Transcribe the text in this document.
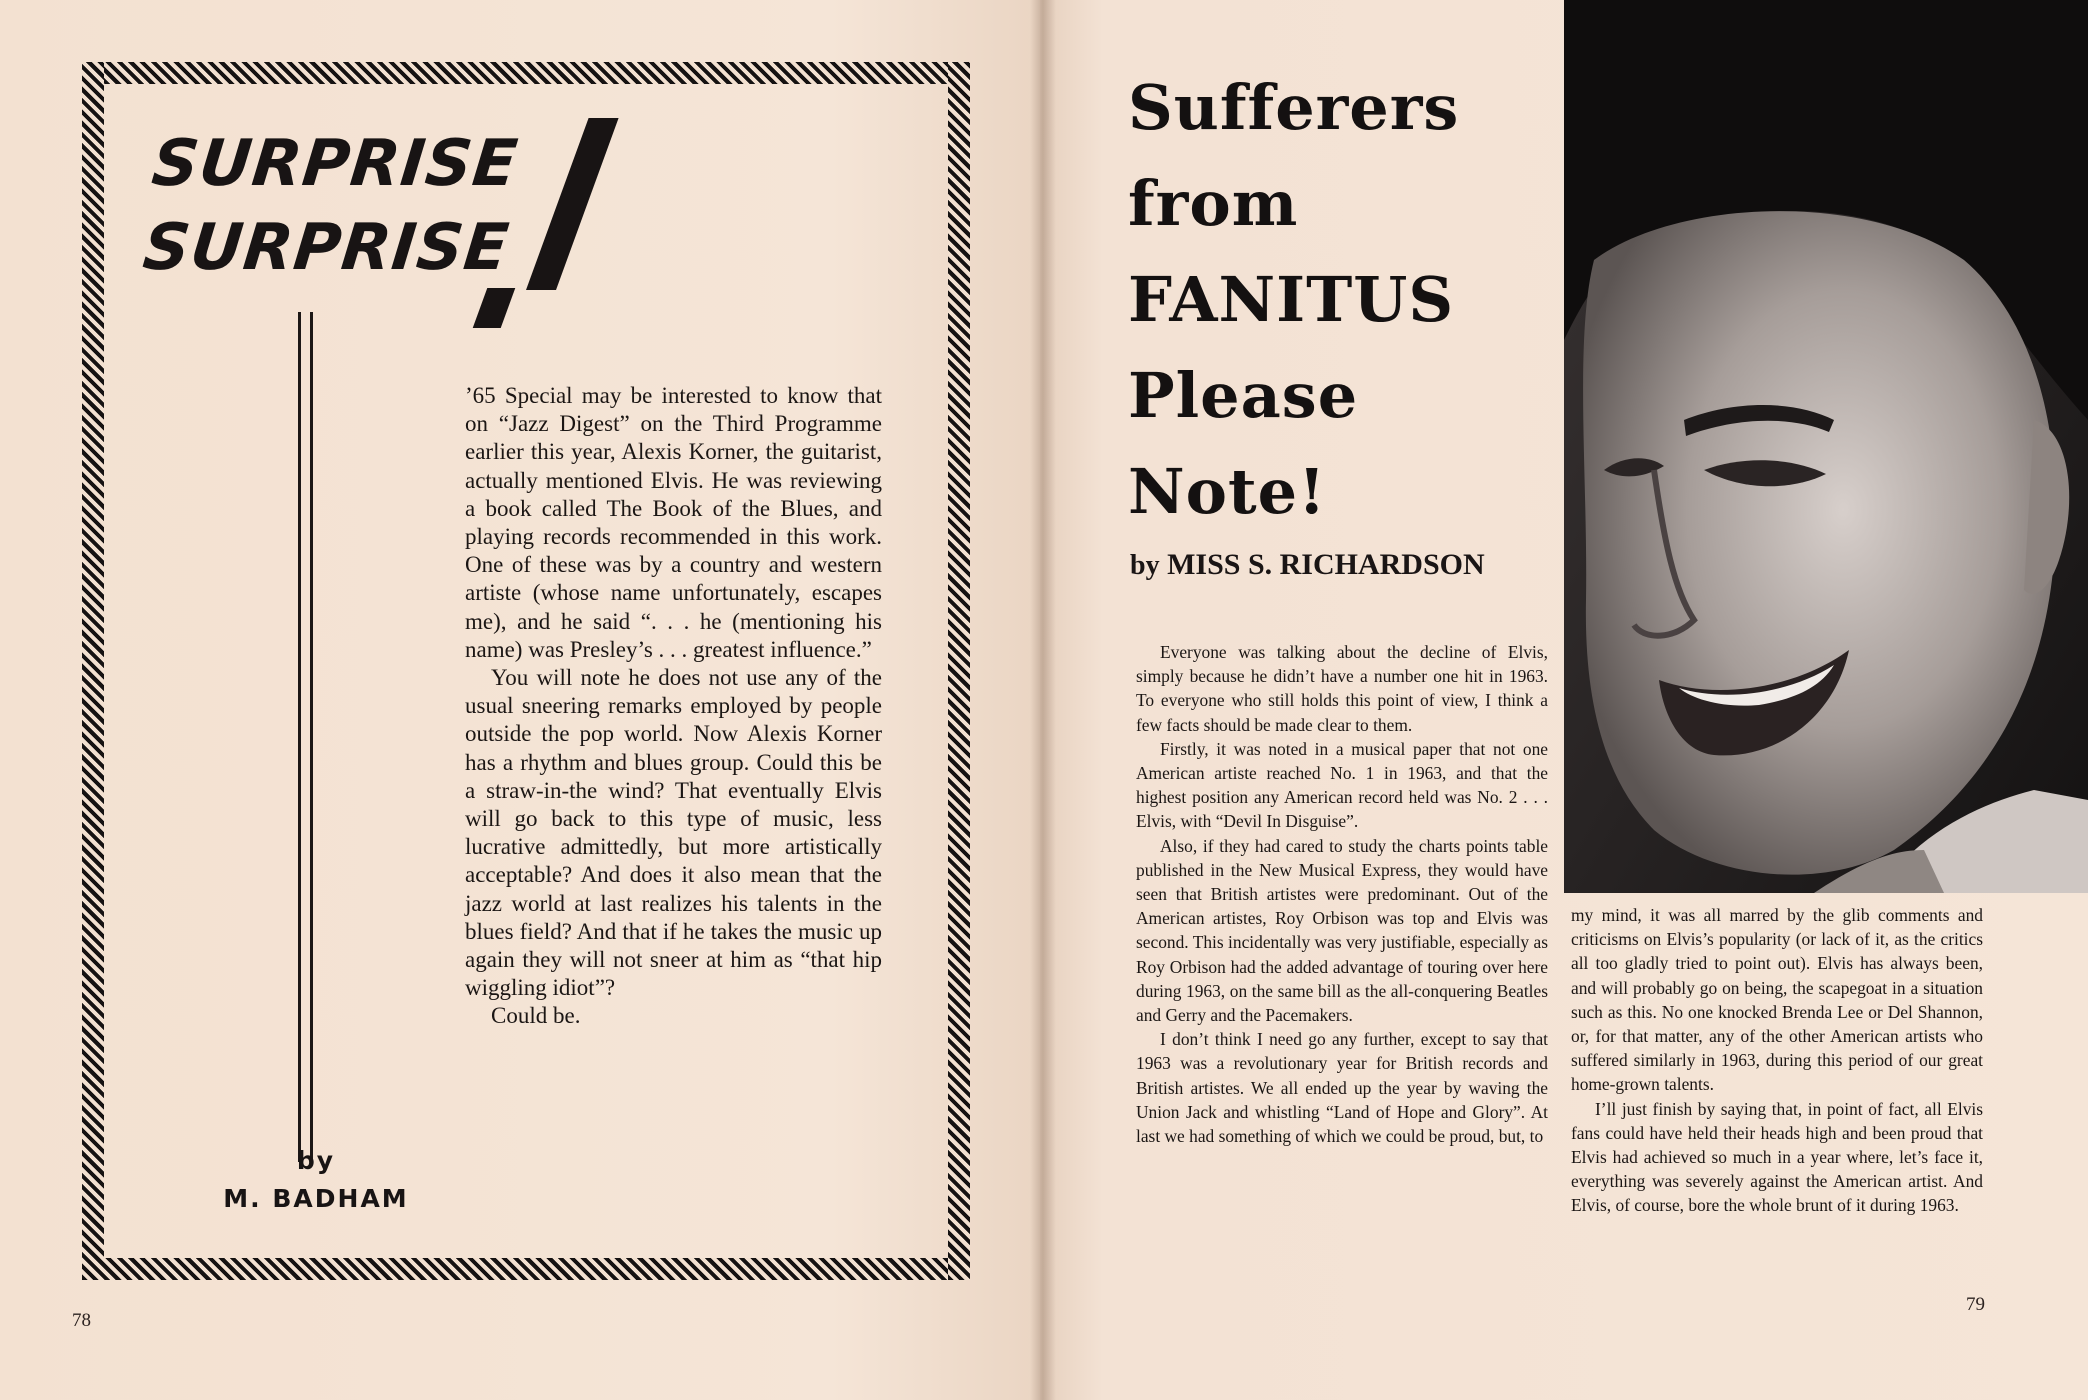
SURPRISE
SURPRISE

’65 Special may be interested to know that on “Jazz Digest” on the Third Programme earlier this year, Alexis Korner, the guitarist, actually mentioned Elvis. He was reviewing a book called The Book of the Blues, and playing records recommended in this work. One of these was by a country and western artiste (whose name unfortunately, escapes me), and he said “. . . he (mentioning his name) was Presley’s . . . greatest influence.”

You will note he does not use any of the usual sneering remarks employed by people outside the pop world. Now Alexis Korner has a rhythm and blues group. Could this be a straw-in-the wind? That eventually Elvis will go back to this type of music, less lucrative admittedly, but more artistically acceptable? And does it also mean that the jazz world at last realizes his talents in the blues field? And that if he takes the music up again they will not sneer at him as “that hip wiggling idiot”?

Could be.

by
M. BADHAM
78
Sufferers
from
FANITUS
Please
Note!
by MISS S. RICHARDSON

Everyone was talking about the decline of Elvis, simply because he didn’t have a number one hit in 1963. To everyone who still holds this point of view, I think a few facts should be made clear to them.

Firstly, it was noted in a musical paper that not one American artiste reached No. 1 in 1963, and that the highest position any American record held was No. 2 . . . Elvis, with “Devil In Disguise”.

Also, if they had cared to study the charts points table published in the New Musical Express, they would have seen that British artistes were predominant. Out of the American artistes, Roy Orbison was top and Elvis was second. This incidentally was very justifiable, especially as Roy Orbison had the added advantage of touring over here during 1963, on the same bill as the all-conquering Beatles and Gerry and the Pacemakers.

I don’t think I need go any further, except to say that 1963 was a revolutionary year for British records and British artistes. We all ended up the year by waving the Union Jack and whistling “Land of Hope and Glory”. At last we had something of which we could be proud, but, to

my mind, it was all marred by the glib comments and criticisms on Elvis’s popularity (or lack of it, as the critics all too gladly tried to point out). Elvis has always been, and will probably go on being, the scapegoat in a situation such as this. No one knocked Brenda Lee or Del Shannon, or, for that matter, any of the other American artists who suffered similarly in 1963, during this period of our great home-grown talents.

I’ll just finish by saying that, in point of fact, all Elvis fans could have held their heads high and been proud that Elvis had achieved so much in a year where, let’s face it, everything was severely against the American artist. And Elvis, of course, bore the whole brunt of it during 1963.

79
